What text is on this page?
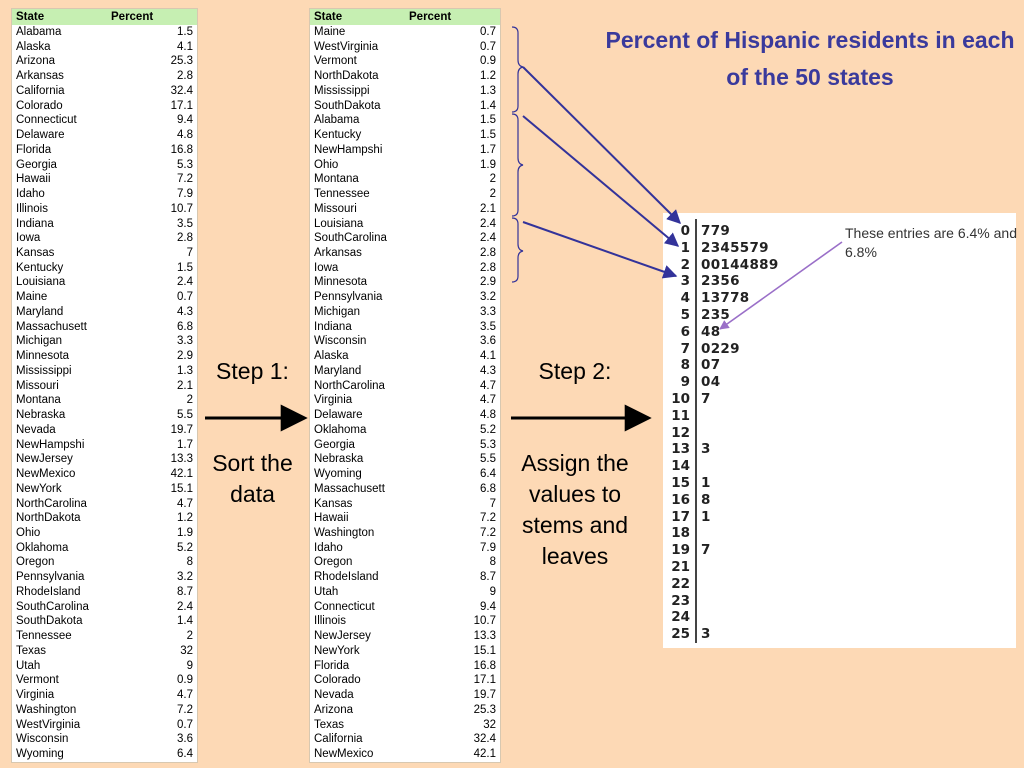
Percent of Hispanic residents in each of the 50 states
State	Percent
Alabama	1.5
Alaska	4.1
Arizona	25.3
Arkansas	2.8
California	32.4
Colorado	17.1
Connecticut	9.4
Delaware	4.8
Florida	16.8
Georgia	5.3
Hawaii	7.2
Idaho	7.9
Illinois	10.7
Indiana	3.5
Iowa	2.8
Kansas	7
Kentucky	1.5
Louisiana	2.4
Maine	0.7
Maryland	4.3
Massachusett	6.8
Michigan	3.3
Minnesota	2.9
Mississippi	1.3
Missouri	2.1
Montana	2
Nebraska	5.5
Nevada	19.7
NewHampshi	1.7
NewJersey	13.3
NewMexico	42.1
NewYork	15.1
NorthCarolina	4.7
NorthDakota	1.2
Ohio	1.9
Oklahoma	5.2
Oregon	8
Pennsylvania	3.2
RhodeIsland	8.7
SouthCarolina	2.4
SouthDakota	1.4
Tennessee	2
Texas	32
Utah	9
Vermont	0.9
Virginia	4.7
Washington	7.2
WestVirginia	0.7
Wisconsin	3.6
Wyoming	6.4
State	Percent
Maine	0.7
WestVirginia	0.7
Vermont	0.9
NorthDakota	1.2
Mississippi	1.3
SouthDakota	1.4
Alabama	1.5
Kentucky	1.5
NewHampshi	1.7
Ohio	1.9
Montana	2
Tennessee	2
Missouri	2.1
Louisiana	2.4
SouthCarolina	2.4
Arkansas	2.8
Iowa	2.8
Minnesota	2.9
Pennsylvania	3.2
Michigan	3.3
Indiana	3.5
Wisconsin	3.6
Alaska	4.1
Maryland	4.3
NorthCarolina	4.7
Virginia	4.7
Delaware	4.8
Oklahoma	5.2
Georgia	5.3
Nebraska	5.5
Wyoming	6.4
Massachusett	6.8
Kansas	7
Hawaii	7.2
Washington	7.2
Idaho	7.9
Oregon	8
RhodeIsland	8.7
Utah	9
Connecticut	9.4
Illinois	10.7
NewJersey	13.3
NewYork	15.1
Florida	16.8
Colorado	17.1
Nevada	19.7
Arizona	25.3
Texas	32
California	32.4
NewMexico	42.1
Step 1:
Sort the data
Step 2:
Assign the values to stems and leaves
These entries are 6.4% and 6.8%
0 779
1 2345579
2 00144889
3 2356
4 13778
5 235
6 48
7 0229
8 07
9 04
10 7
11
12
13 3
14
15 1
16 8
17 1
18
19 7
21
22
23
24
25 3
